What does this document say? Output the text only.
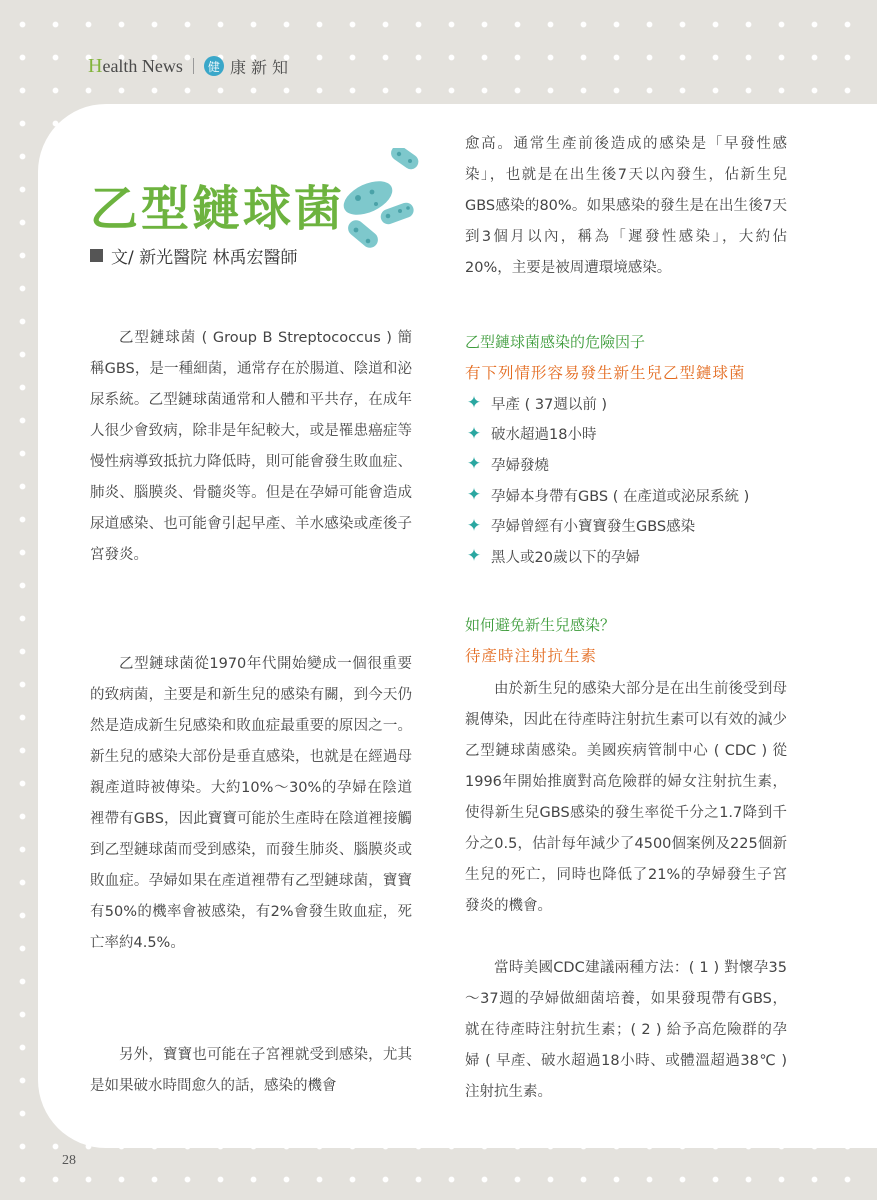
Health News	健 康新知
乙型鏈球菌
文/ 新光醫院 林禹宏醫師

乙型鏈球菌 ( Group B Streptococcus ) 簡稱GBS，是一種細菌，通常存在於腸道、陰道和泌尿系統。乙型鏈球菌通常和人體和平共存，在成年人很少會致病，除非是年紀較大，或是罹患癌症等慢性病導致抵抗力降低時，則可能會發生敗血症、肺炎、腦膜炎、骨髓炎等。但是在孕婦可能會造成尿道感染、也可能會引起早產、羊水感染或產後子宮發炎。

乙型鏈球菌從1970年代開始變成一個很重要的致病菌，主要是和新生兒的感染有關，到今天仍然是造成新生兒感染和敗血症最重要的原因之一。新生兒的感染大部份是垂直感染，也就是在經過母親產道時被傳染。大約10%～30%的孕婦在陰道裡帶有GBS，因此寶寶可能於生產時在陰道裡接觸到乙型鏈球菌而受到感染，而發生肺炎、腦膜炎或敗血症。孕婦如果在產道裡帶有乙型鏈球菌，寶寶有50%的機率會被感染，有2%會發生敗血症，死亡率約4.5%。

另外，寶寶也可能在子宮裡就受到感染，尤其是如果破水時間愈久的話，感染的機會

愈高。通常生產前後造成的感染是「早發性感染」，也就是在出生後7天以內發生，佔新生兒GBS感染的80%。如果感染的發生是在出生後7天到3個月以內，稱為「遲發性感染」，大約佔20%，主要是被周遭環境感染。

乙型鏈球菌感染的危險因子
有下列情形容易發生新生兒乙型鏈球菌
✦ 早產 ( 37週以前 )
✦ 破水超過18小時
✦ 孕婦發燒
✦ 孕婦本身帶有GBS ( 在產道或泌尿系統 )
✦ 孕婦曾經有小寶寶發生GBS感染
✦ 黑人或20歲以下的孕婦
如何避免新生兒感染？
待產時注射抗生素

由於新生兒的感染大部分是在出生前後受到母親傳染，因此在待產時注射抗生素可以有效的減少乙型鏈球菌感染。美國疾病管制中心 ( CDC ) 從1996年開始推廣對高危險群的婦女注射抗生素，使得新生兒GBS感染的發生率從千分之1.7降到千分之0.5，估計每年減少了4500個案例及225個新生兒的死亡，同時也降低了21%的孕婦發生子宮發炎的機會。

當時美國CDC建議兩種方法：( 1 ) 對懷孕35～37週的孕婦做細菌培養，如果發現帶有GBS，就在待產時注射抗生素；( 2 ) 給予高危險群的孕婦 ( 早產、破水超過18小時、或體溫超過38℃ ) 注射抗生素。

28
